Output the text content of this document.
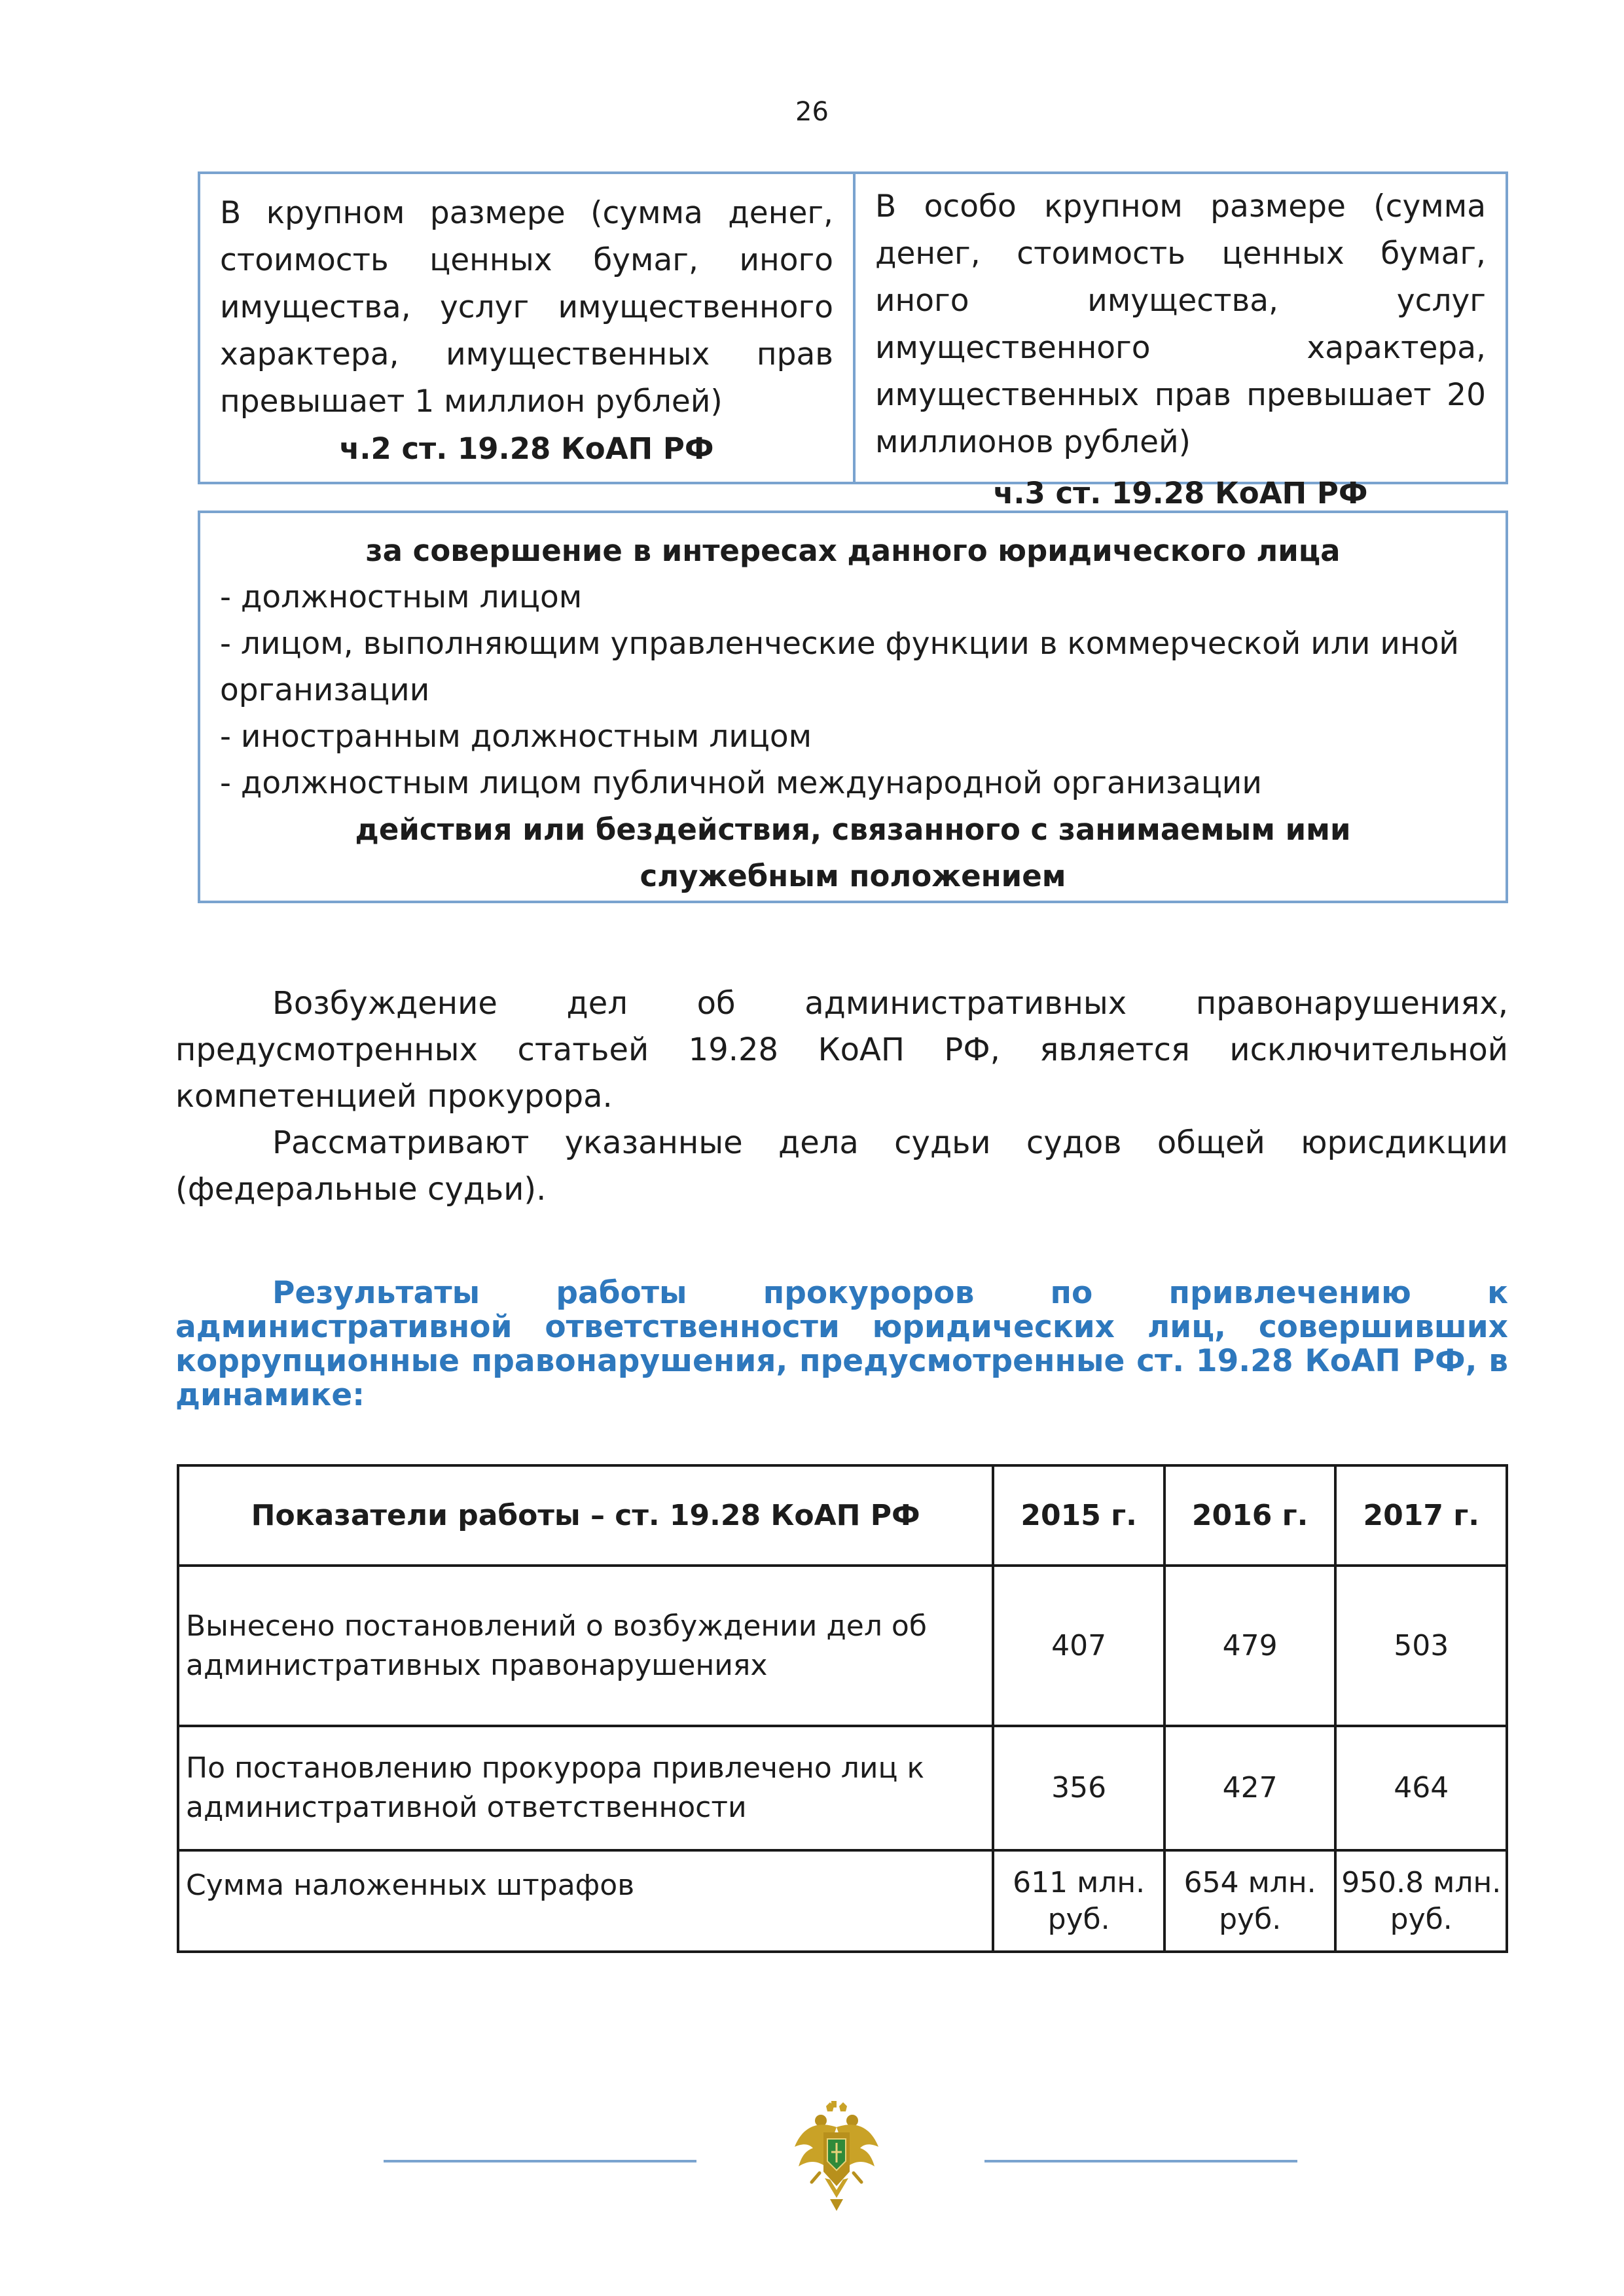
26
В крупном размере (сумма денег, стоимость ценных бумаг, иного имущества, услуг имущественного характера, имущественных прав превышает 1 миллион рублей)
ч.2 ст. 19.28 КоАП РФ
В особо крупном размере (сумма денег, стоимость ценных бумаг, иного имущества, услуг имущественного характера, имущественных прав превышает 20 миллионов рублей)
ч.3 ст. 19.28 КоАП РФ
за совершение в интересах данного юридического лица
- должностным лицом
- лицом, выполняющим управленческие функции в коммерческой или иной организации
- иностранным должностным лицом
- должностным лицом публичной международной организации
действия или бездействия, связанного с занимаемым ими
служебным положением

Возбуждение дел об административных правонарушениях, предусмотренных статьей 19.28 КоАП РФ, является исключительной компетенцией прокурора.

Рассматривают указанные дела судьи судов общей юрисдикции (федеральные судьи).

Результаты работы прокуроров по привлечению к административной ответственности юридических лиц, совершивших коррупционные правонарушения, предусмотренные ст. 19.28 КоАП РФ, в динамике:
Показатели работы – ст. 19.28 КоАП РФ	2015 г.	2016 г.	2017 г.
Вынесено постановлений о возбуждении дел об административных правонарушениях	407	479	503
По постановлению прокурора привлечено лиц к административной ответственности	356	427	464
Сумма наложенных штрафов	611 млн. руб.	654 млн. руб.	950.8 млн. руб.
